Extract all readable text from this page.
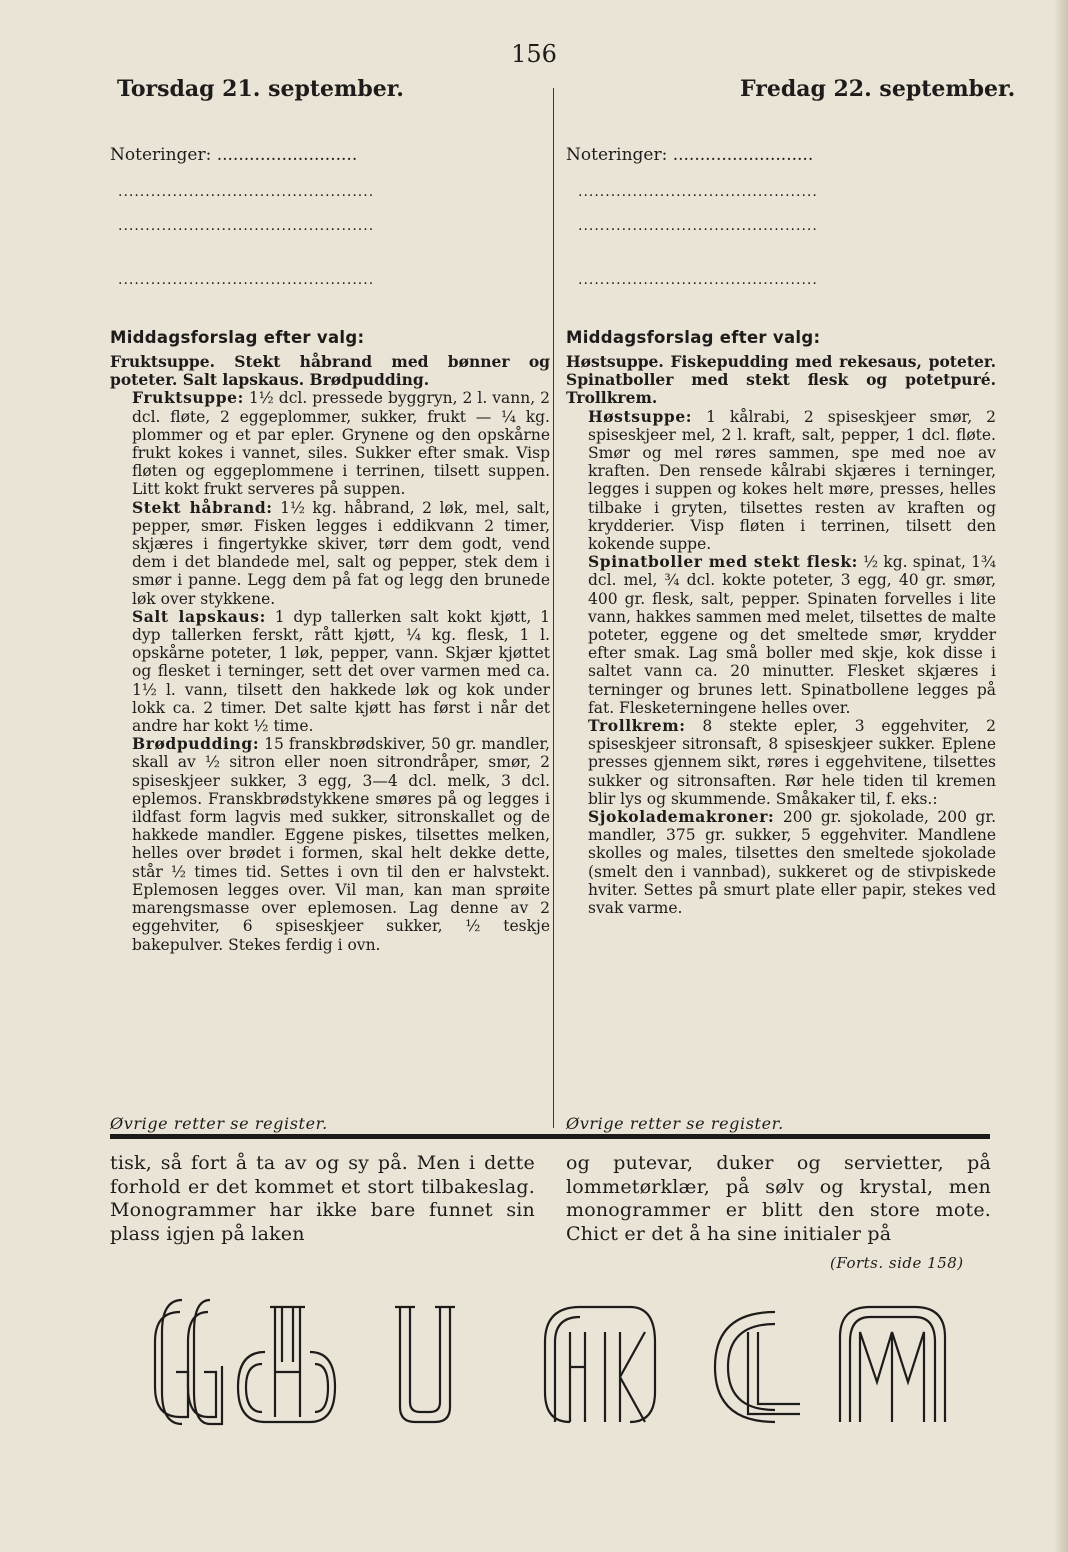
156
Torsdag 21. september.	Fredag 22. september.
Noteringer: ..........................
...............................................
...............................................
...............................................
Middagsforslag efter valg:

Fruktsuppe. Stekt håbrand med bønner og poteter. Salt lapskaus. Brødpudding.

Fruktsuppe: 1½ dcl. pressede byggryn, 2 l. vann, 2 dcl. fløte, 2 eggeplommer, sukker, frukt — ¼ kg. plommer og et par epler. Grynene og den opskårne frukt kokes i vannet, siles. Sukker efter smak. Visp fløten og eggeplommene i terrinen, tilsett suppen. Litt kokt frukt serveres på suppen.

Stekt håbrand: 1½ kg. håbrand, 2 løk, mel, salt, pepper, smør. Fisken legges i eddikvann 2 timer, skjæres i fingertykke skiver, tørr dem godt, vend dem i det blandede mel, salt og pepper, stek dem i smør i panne. Legg dem på fat og legg den brunede løk over stykkene.

Salt lapskaus: 1 dyp tallerken salt kokt kjøtt, 1 dyp tallerken ferskt, rått kjøtt, ¼ kg. flesk, 1 l. opskårne poteter, 1 løk, pepper, vann. Skjær kjøttet og flesket i terninger, sett det over varmen med ca. 1½ l. vann, tilsett den hakkede løk og kok under lokk ca. 2 timer. Det salte kjøtt has først i når det andre har kokt ½ time.

Brødpudding: 15 franskbrødskiver, 50 gr. mandler, skall av ½ sitron eller noen sitrondråper, smør, 2 spiseskjeer sukker, 3 egg, 3—4 dcl. melk, 3 dcl. eplemos. Franskbrødstykkene smøres på og legges i ildfast form lagvis med sukker, sitronskallet og de hakkede mandler. Eggene piskes, tilsettes melken, helles over brødet i formen, skal helt dekke dette, står ½ times tid. Settes i ovn til den er halvstekt. Eplemosen legges over. Vil man, kan man sprøite marengsmasse over eplemosen. Lag denne av 2 eggehviter, 6 spiseskjeer sukker, ½ teskje bakepulver. Stekes ferdig i ovn.

Øvrige retter se register.
Noteringer: ..........................
............................................
............................................
............................................
Middagsforslag efter valg:

Høstsuppe. Fiskepudding med rekesaus, poteter. Spinatboller med stekt flesk og potetpuré. Trollkrem.

Høstsuppe: 1 kålrabi, 2 spiseskjeer smør, 2 spiseskjeer mel, 2 l. kraft, salt, pepper, 1 dcl. fløte. Smør og mel røres sammen, spe med noe av kraften. Den rensede kålrabi skjæres i terninger, legges i suppen og kokes helt møre, presses, helles tilbake i gryten, tilsettes resten av kraften og krydderier. Visp fløten i terrinen, tilsett den kokende suppe.

Spinatboller med stekt flesk: ½ kg. spinat, 1¾ dcl. mel, ¾ dcl. kokte poteter, 3 egg, 40 gr. smør, 400 gr. flesk, salt, pepper. Spinaten forvelles i lite vann, hakkes sammen med melet, tilsettes de malte poteter, eggene og det smeltede smør, krydder efter smak. Lag små boller med skje, kok disse i saltet vann ca. 20 minutter. Flesket skjæres i terninger og brunes lett. Spinatbollene legges på fat. Flesketerningene helles over.

Trollkrem: 8 stekte epler, 3 eggehviter, 2 spiseskjeer sitronsaft, 8 spiseskjeer sukker. Eplene presses gjennem sikt, røres i eggehvitene, tilsettes sukker og sitronsaften. Rør hele tiden til kremen blir lys og skummende. Småkaker til, f. eks.:

Sjokolademakroner: 200 gr. sjokolade, 200 gr. mandler, 375 gr. sukker, 5 eggehviter. Mandlene skolles og males, tilsettes den smeltede sjokolade (smelt den i vannbad), sukkeret og de stivpiskede hviter. Settes på smurt plate eller papir, stekes ved svak varme.

Øvrige retter se register.
tisk, så fort å ta av og sy på. Men i dette forhold er det kommet et stort tilbakeslag. Monogrammer har ikke bare funnet sin plass igjen på laken
og putevar, duker og servietter, på lommetørklær, på sølv og krystal, men monogrammer er blitt den store mote. Chict er det å ha sine initialer på
(Forts. side 158)
